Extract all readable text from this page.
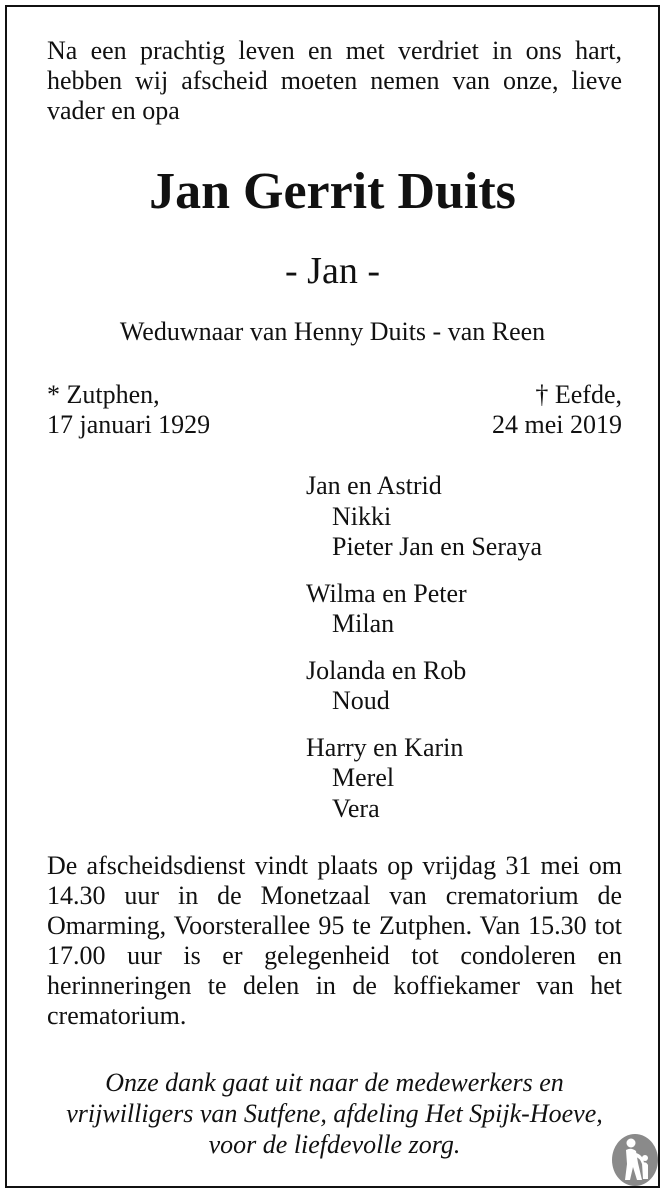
Na een prachtig leven en met verdriet in ons hart, hebben wij afscheid moeten nemen van onze, lieve vader en opa

Jan Gerrit Duits
- Jan -
Weduwnaar van Henny Duits - van Reen
* Zutphen,
17 januari 1929
† Eefde,
24 mei 2019
Jan en Astrid
Nikki
Pieter Jan en Seraya
Wilma en Peter
Milan
Jolanda en Rob
Noud
Harry en Karin
Merel
Vera

De afscheidsdienst vindt plaats op vrijdag 31 mei om 14.30 uur in de Monetzaal van crematorium de Omarming, Voorsterallee 95 te Zutphen. Van 15.30 tot 17.00 uur is er gelegenheid tot condoleren en herinneringen te delen in de koffiekamer van het crematorium.

Onze dank gaat uit naar de medewerkers en
vrijwilligers van Sutfene, afdeling Het Spijk-Hoeve,
voor de liefdevolle zorg.
